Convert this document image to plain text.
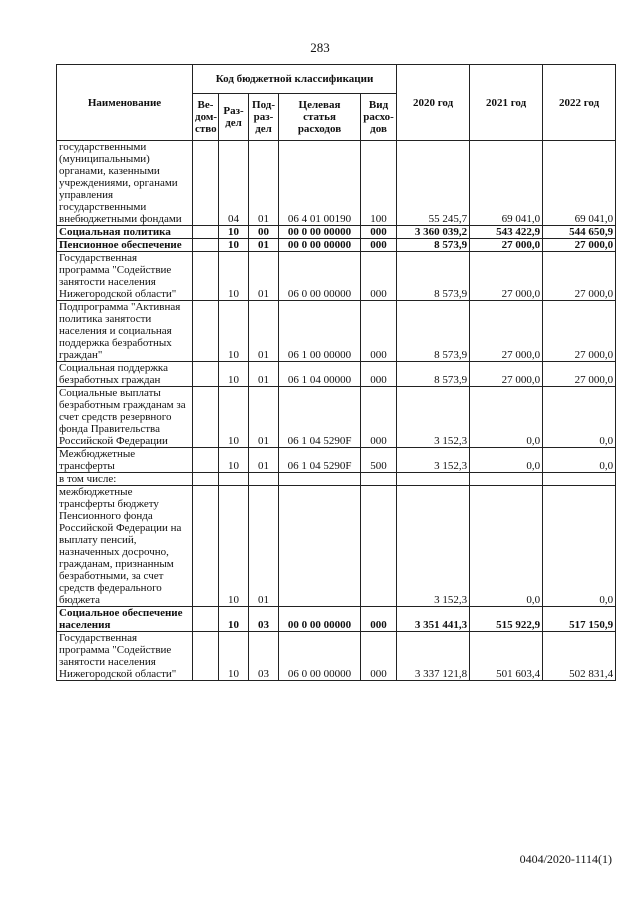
283
Наименование	Код бюджетной классификации					2020 год	2021 год	2022 год
	Ве-дом-ство	Раз-дел	Под-раз-дел	Целевая статья расходов	Вид расхо-дов			
государственными (муниципальными) органами, казенными учреждениями, органами управления государственными внебюджетными фондами		04	01	06 4 01 00190	100	55 245,7	69 041,0	69 041,0
Социальная политика		10	00	00 0 00 00000	000	3 360 039,2	543 422,9	544 650,9
Пенсионное обеспечение		10	01	00 0 00 00000	000	8 573,9	27 000,0	27 000,0
Государственная программа "Содействие занятости населения Нижегородской области"		10	01	06 0 00 00000	000	8 573,9	27 000,0	27 000,0
Подпрограмма "Активная политика занятости населения и социальная поддержка безработных граждан"		10	01	06 1 00 00000	000	8 573,9	27 000,0	27 000,0
Социальная поддержка безработных граждан		10	01	06 1 04 00000	000	8 573,9	27 000,0	27 000,0
Социальные выплаты безработным гражданам за счет средств резервного фонда Правительства Российской Федерации		10	01	06 1 04 5290F	000	3 152,3	0,0	0,0
Межбюджетные трансферты		10	01	06 1 04 5290F	500	3 152,3	0,0	0,0
в том числе:								
межбюджетные трансферты бюджету Пенсионного фонда Российской Федерации на выплату пенсий, назначенных досрочно, гражданам, признанным безработными, за счет средств федерального бюджета		10	01			3 152,3	0,0	0,0
Социальное обеспечение населения		10	03	00 0 00 00000	000	3 351 441,3	515 922,9	517 150,9
Государственная программа "Содействие занятости населения Нижегородской области"		10	03	06 0 00 00000	000	3 337 121,8	501 603,4	502 831,4
0404/2020-1114(1)
